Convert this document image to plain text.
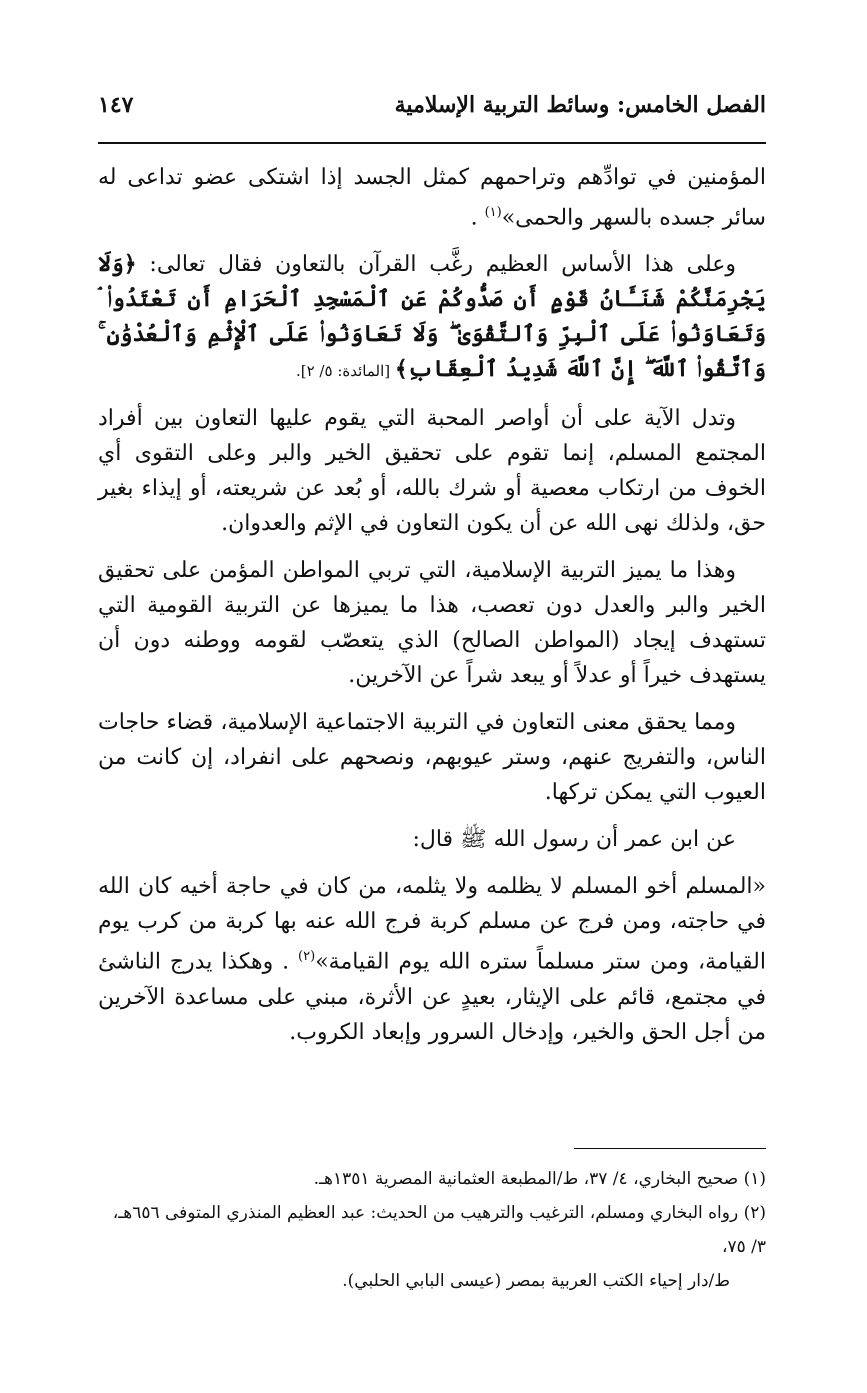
الفصل الخامس: وسائط التربية الإسلامية
١٤٧

المؤمنين في توادِّهم وتراحمهم كمثل الجسد إذا اشتكى عضو تداعى له سائر جسده بالسهر والحمى»$^{(١)}$ .

وعلى هذا الأساس العظيم رغَّب القرآن بالتعاون فقال تعالى: ﴿وَلَا يَجْرِمَنَّكُمْ شَنَـَٔانُ قَوْمٍ أَن صَدُّوكُمْ عَنِ ٱلْمَسْجِدِ ٱلْحَرَامِ أَن تَعْتَدُوا۟ ۘ وَتَعَاوَنُوا۟ عَلَى ٱلْبِرِّ وَٱلتَّقْوَىٰ ۖ وَلَا تَعَاوَنُوا۟ عَلَى ٱلْإِثْمِ وَٱلْعُدْوَٰنِ ۚ وَٱتَّقُوا۟ ٱللَّهَ ۖ إِنَّ ٱللَّهَ شَدِيدُ ٱلْعِقَابِ﴾ [المائدة: ٥/ ٢].

وتدل الآية على أن أواصر المحبة التي يقوم عليها التعاون بين أفراد المجتمع المسلم، إنما تقوم على تحقيق الخير والبر وعلى التقوى أي الخوف من ارتكاب معصية أو شرك بالله، أو بُعد عن شريعته، أو إيذاء بغير حق، ولذلك نهى الله عن أن يكون التعاون في الإثم والعدوان.

وهذا ما يميز التربية الإسلامية، التي تربي المواطن المؤمن على تحقيق الخير والبر والعدل دون تعصب، هذا ما يميزها عن التربية القومية التي تستهدف إيجاد (المواطن الصالح) الذي يتعصّب لقومه ووطنه دون أن يستهدف خيراً أو عدلاً أو يبعد شراً عن الآخرين.

ومما يحقق معنى التعاون في التربية الاجتماعية الإسلامية، قضاء حاجات الناس، والتفريج عنهم، وستر عيوبهم، ونصحهم على انفراد، إن كانت من العيوب التي يمكن تركها.

عن ابن عمر أن رسول الله ﷺ قال:

«المسلم أخو المسلم لا يظلمه ولا يثلمه، من كان في حاجة أخيه كان الله في حاجته، ومن فرج عن مسلم كربة فرج الله عنه بها كربة من كرب يوم القيامة، ومن ستر مسلماً ستره الله يوم القيامة»$^{(٢)}$ . وهكذا يدرج الناشئ في مجتمع، قائم على الإيثار، بعيدٍ عن الأثرة، مبني على مساعدة الآخرين من أجل الحق والخير، وإدخال السرور وإبعاد الكروب.

(١) صحيح البخاري، ٤/ ٣٧، ط/المطبعة العثمانية المصرية ١٣٥١هـ.
(٢) رواه البخاري ومسلم، الترغيب والترهيب من الحديث: عبد العظيم المنذري المتوفى ٦٥٦هـ، ٣/ ٧٥،
ط/دار إحياء الكتب العربية بمصر (عيسى البابي الحلبي).
